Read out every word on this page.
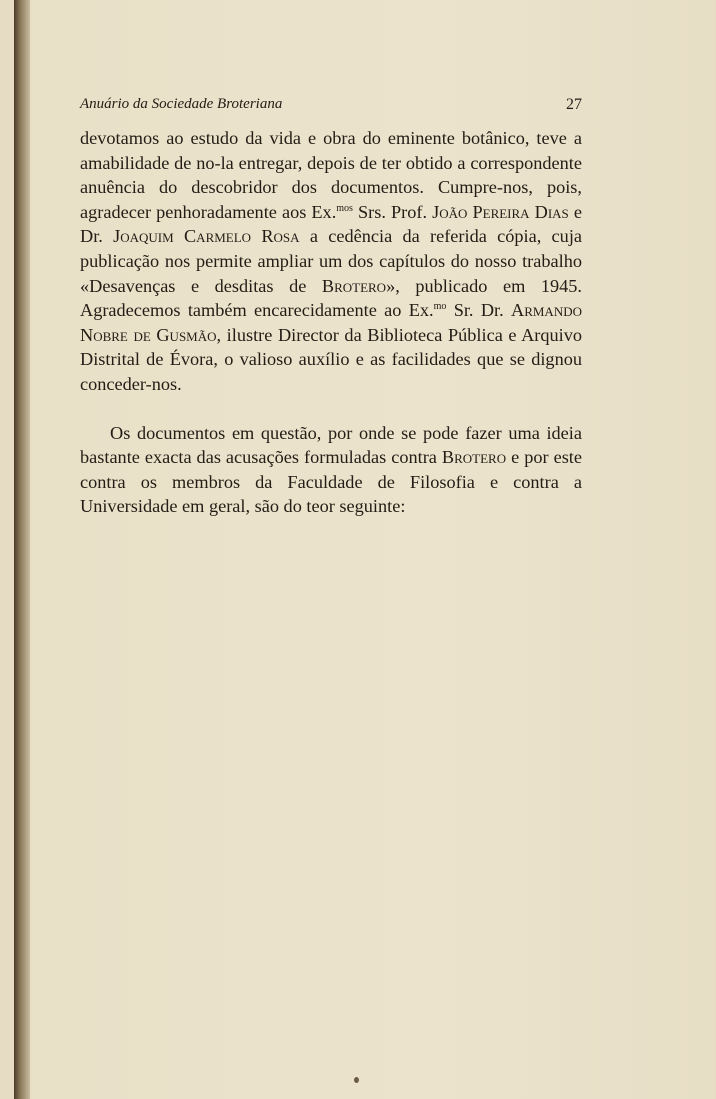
Anuário da Sociedade Broteriana	27

devotamos ao estudo da vida e obra do eminente botânico, teve a amabilidade de no-la entregar, depois de ter obtido a correspondente anuência do descobridor dos documentos. Cumpre-nos, pois, agradecer penhoradamente aos Ex.$^{mos}$ Srs. Prof. João Pereira Dias e Dr. Joaquim Carmelo Rosa a cedência da referida cópia, cuja publicação nos permite ampliar um dos capítulos do nosso trabalho «Desavenças e desditas de Brotero», publicado em 1945. Agradecemos também encarecidamente ao Ex.$^{mo}$ Sr. Dr. Armando Nobre de Gusmão, ilustre Director da Biblioteca Pública e Arquivo Distrital de Évora, o valioso auxílio e as facilidades que se dignou conceder-nos.

Os documentos em questão, por onde se pode fazer uma ideia bastante exacta das acusações formuladas contra Brotero e por este contra os membros da Faculdade de Filosofia e contra a Universidade em geral, são do teor seguinte:
